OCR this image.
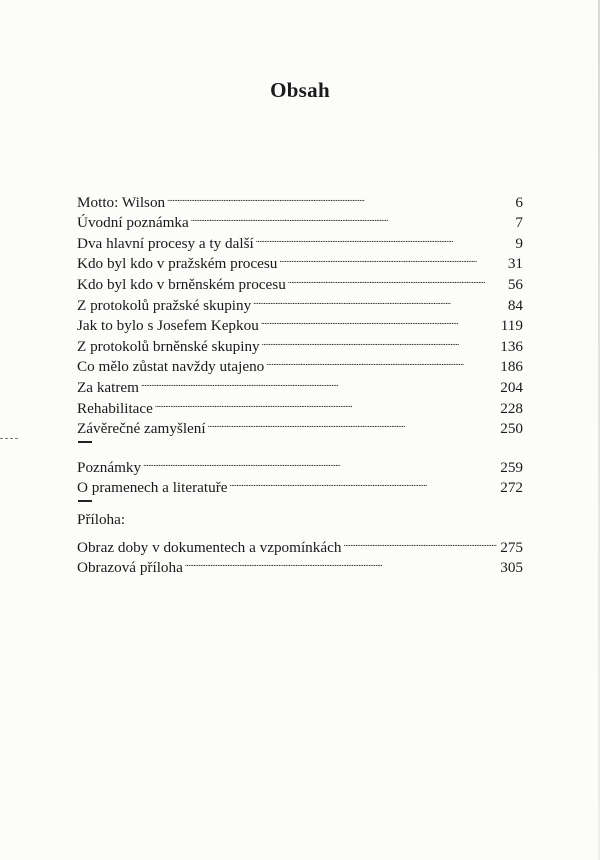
Obsah
Motto: Wilson . . .	6
Úvodní poznámka . . .	7
Dva hlavní procesy a ty další . . .	9
Kdo byl kdo v pražském procesu . . .	31
Kdo byl kdo v brněnském procesu . . .	56
Z protokolů pražské skupiny . . .	84
Jak to bylo s Josefem Kepkou . . .	119
Z protokolů brněnské skupiny . . .	136
Co mělo zůstat navždy utajeno . . .	186
Za katrem . . .	204
Rehabilitace . . .	228
Závěrečné zamyšlení . . .	250
Poznámky . . .	259
O pramenech a literatuře . . .	272
Příloha:
Obraz doby v dokumentech a vzpomínkách . . .	275
Obrazová příloha . . .	305
